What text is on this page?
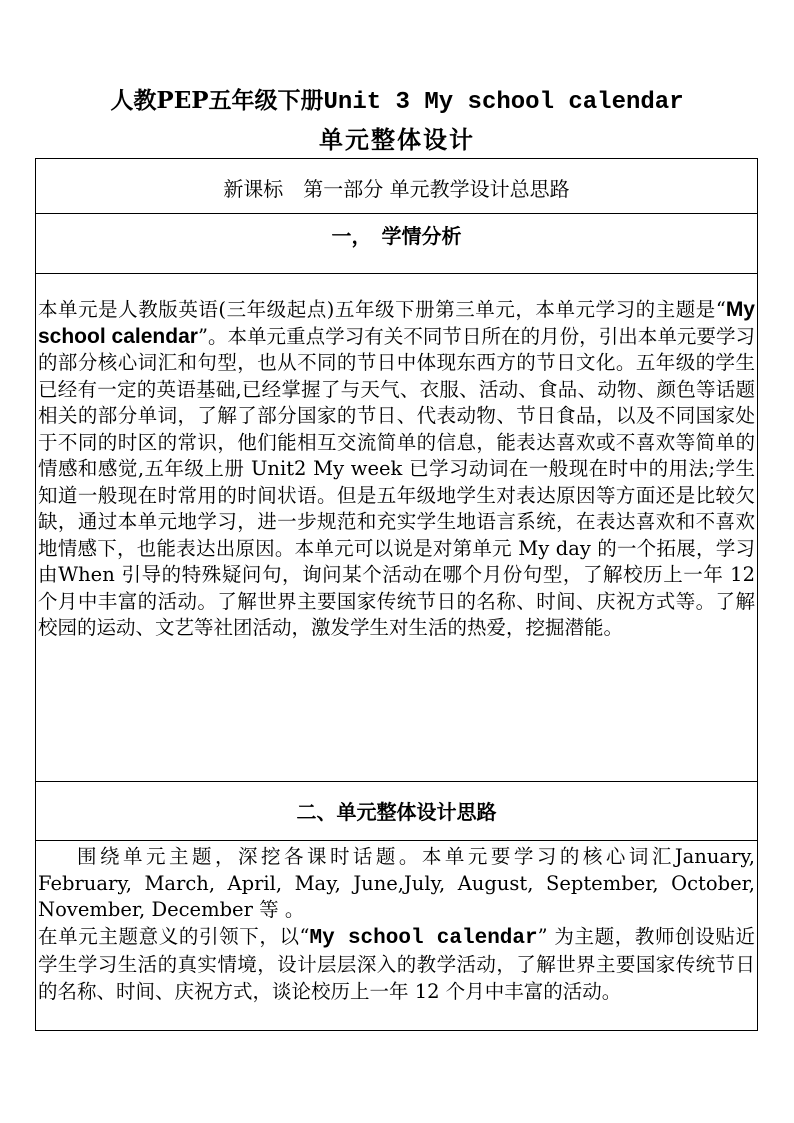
人教PEP五年级下册Unit 3 My school calendar
单元整体设计
新课标　第一部分 单元教学设计总思路
一，　学情分析
本单元是人教版英语(三年级起点)五年级下册第三单元，本单元学习的主题是“My school calendar”。本单元重点学习有关不同节日所在的月份，引出本单元要学习的部分核心词汇和句型，也从不同的节日中体现东西方的节日文化。五年级的学生已经有一定的英语基础,已经掌握了与天气、衣服、活动、食品、动物、颜色等话题相关的部分单词，了解了部分国家的节日、代表动物、节日食品，以及不同国家处于不同的时区的常识，他们能相互交流简单的信息，能表达喜欢或不喜欢等简单的情感和感觉,五年级上册 Unit2 My week 已学习动词在一般现在时中的用法;学生知道一般现在时常用的时间状语。但是五年级地学生对表达原因等方面还是比较欠缺，通过本单元地学习，进一步规范和充实学生地语言系统，在表达喜欢和不喜欢地情感下，也能表达出原因。本单元可以说是对第单元 My day 的一个拓展，学习由When 引导的特殊疑问句，询问某个活动在哪个月份句型，了解校历上一年 12 个月中丰富的活动。了解世界主要国家传统节日的名称、时间、庆祝方式等。了解校园的运动、文艺等社团活动，激发学生对生活的热爱，挖掘潜能。
二、单元整体设计思路
围绕单元主题，深挖各课时话题。本单元要学习的核心词汇January, February, March, April, May, June,July, August, September, October, November, December 等 。
在单元主题意义的引领下，以“My school calendar” 为主题，教师创设贴近学生学习生活的真实情境，设计层层深入的教学活动，了解世界主要国家传统节日的名称、时间、庆祝方式，谈论校历上一年 12 个月中丰富的活动。
